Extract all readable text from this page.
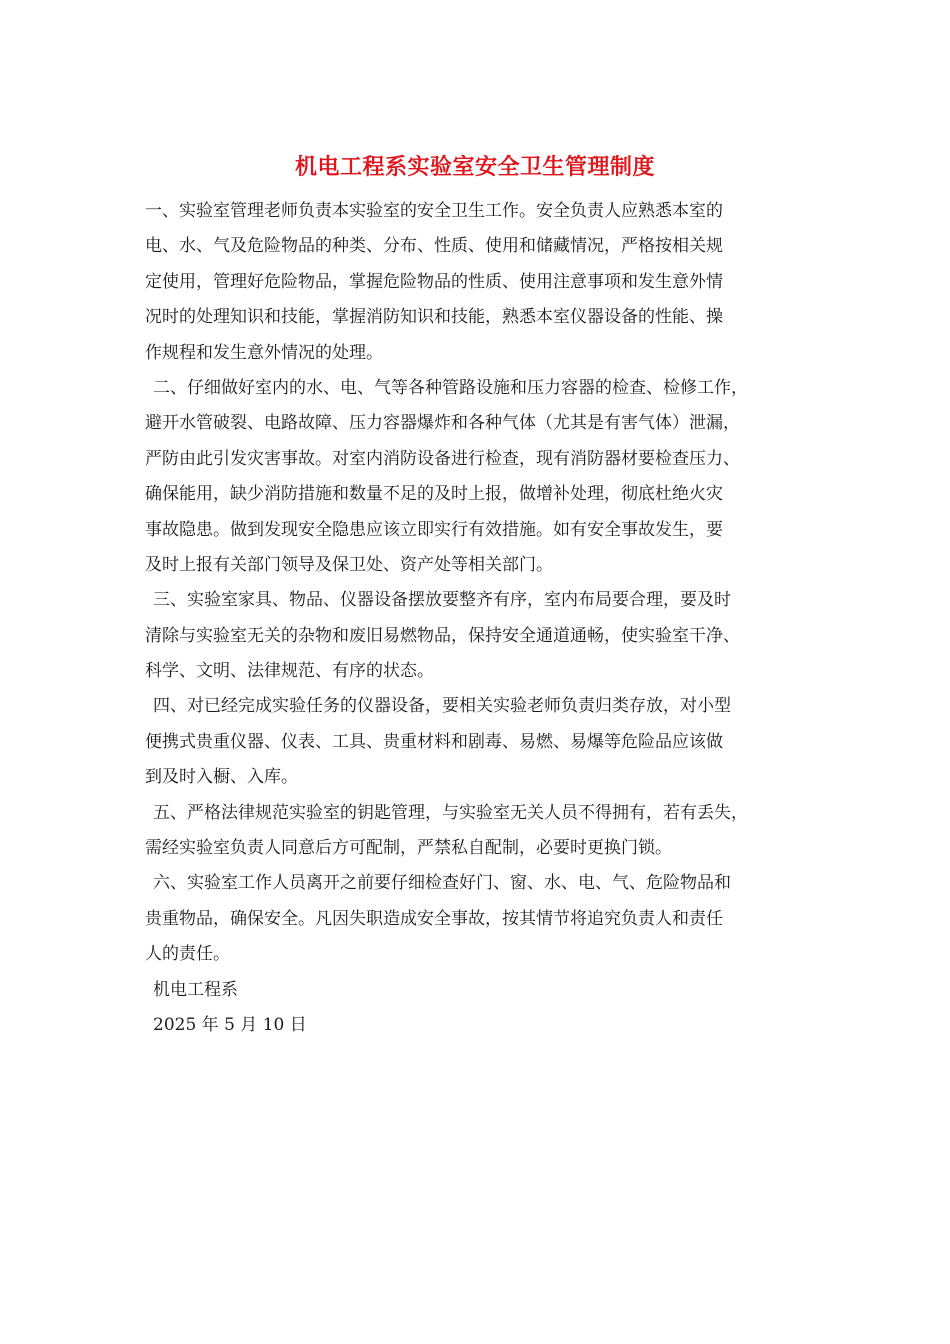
机电工程系实验室安全卫生管理制度
一、实验室管理老师负责本实验室的安全卫生工作。安全负责人应熟悉本室的
电、水、气及危险物品的种类、分布、性质、使用和储藏情况，严格按相关规
定使用，管理好危险物品，掌握危险物品的性质、使用注意事项和发生意外情
况时的处理知识和技能，掌握消防知识和技能，熟悉本室仪器设备的性能、操
作规程和发生意外情况的处理。
二、仔细做好室内的水、电、气等各种管路设施和压力容器的检查、检修工作，
避开水管破裂、电路故障、压力容器爆炸和各种气体（尤其是有害气体）泄漏，
严防由此引发灾害事故。对室内消防设备进行检查，现有消防器材要检查压力、
确保能用，缺少消防措施和数量不足的及时上报，做增补处理，彻底杜绝火灾
事故隐患。做到发现安全隐患应该立即实行有效措施。如有安全事故发生，要
及时上报有关部门领导及保卫处、资产处等相关部门。
三、实验室家具、物品、仪器设备摆放要整齐有序，室内布局要合理，要及时
清除与实验室无关的杂物和废旧易燃物品，保持安全通道通畅，使实验室干净、
科学、文明、法律规范、有序的状态。
四、对已经完成实验任务的仪器设备，要相关实验老师负责归类存放，对小型
便携式贵重仪器、仪表、工具、贵重材料和剧毒、易燃、易爆等危险品应该做
到及时入橱、入库。
五、严格法律规范实验室的钥匙管理，与实验室无关人员不得拥有，若有丢失，
需经实验室负责人同意后方可配制，严禁私自配制，必要时更换门锁。
六、实验室工作人员离开之前要仔细检查好门、窗、水、电、气、危险物品和
贵重物品，确保安全。凡因失职造成安全事故，按其情节将追究负责人和责任
人的责任。
机电工程系
2025 年 5 月 10 日
